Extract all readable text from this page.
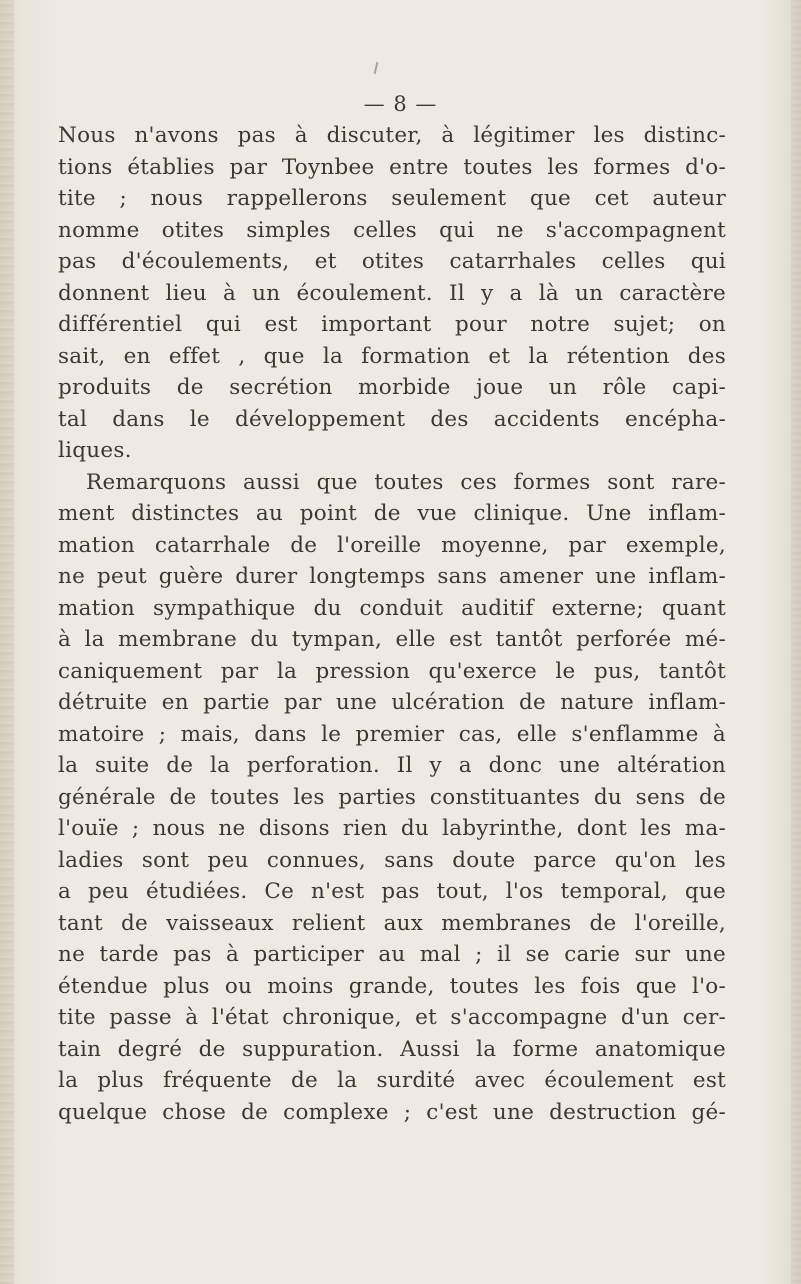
— 8 —
Nous n'avons pas à discuter, à légitimer les distinc-
tions établies par Toynbee entre toutes les formes d'o-
tite ; nous rappellerons seulement que cet auteur
nomme otites simples celles qui ne s'accompagnent
pas d'écoulements, et otites catarrhales celles qui
donnent lieu à un écoulement. Il y a là un caractère
différentiel qui est important pour notre sujet; on
sait, en effet , que la formation et la rétention des
produits de secrétion morbide joue un rôle capi-
tal dans le développement des accidents encépha-
liques.
Remarquons aussi que toutes ces formes sont rare-
ment distinctes au point de vue clinique. Une inflam-
mation catarrhale de l'oreille moyenne, par exemple,
ne peut guère durer longtemps sans amener une inflam-
mation sympathique du conduit auditif externe; quant
à la membrane du tympan, elle est tantôt perforée mé-
caniquement par la pression qu'exerce le pus, tantôt
détruite en partie par une ulcération de nature inflam-
matoire ; mais, dans le premier cas, elle s'enflamme à
la suite de la perforation. Il y a donc une altération
générale de toutes les parties constituantes du sens de
l'ouïe ; nous ne disons rien du labyrinthe, dont les ma-
ladies sont peu connues, sans doute parce qu'on les
a peu étudiées. Ce n'est pas tout, l'os temporal, que
tant de vaisseaux relient aux membranes de l'oreille,
ne tarde pas à participer au mal ; il se carie sur une
étendue plus ou moins grande, toutes les fois que l'o-
tite passe à l'état chronique, et s'accompagne d'un cer-
tain degré de suppuration. Aussi la forme anatomique
la plus fréquente de la surdité avec écoulement est
quelque chose de complexe ; c'est une destruction gé-
